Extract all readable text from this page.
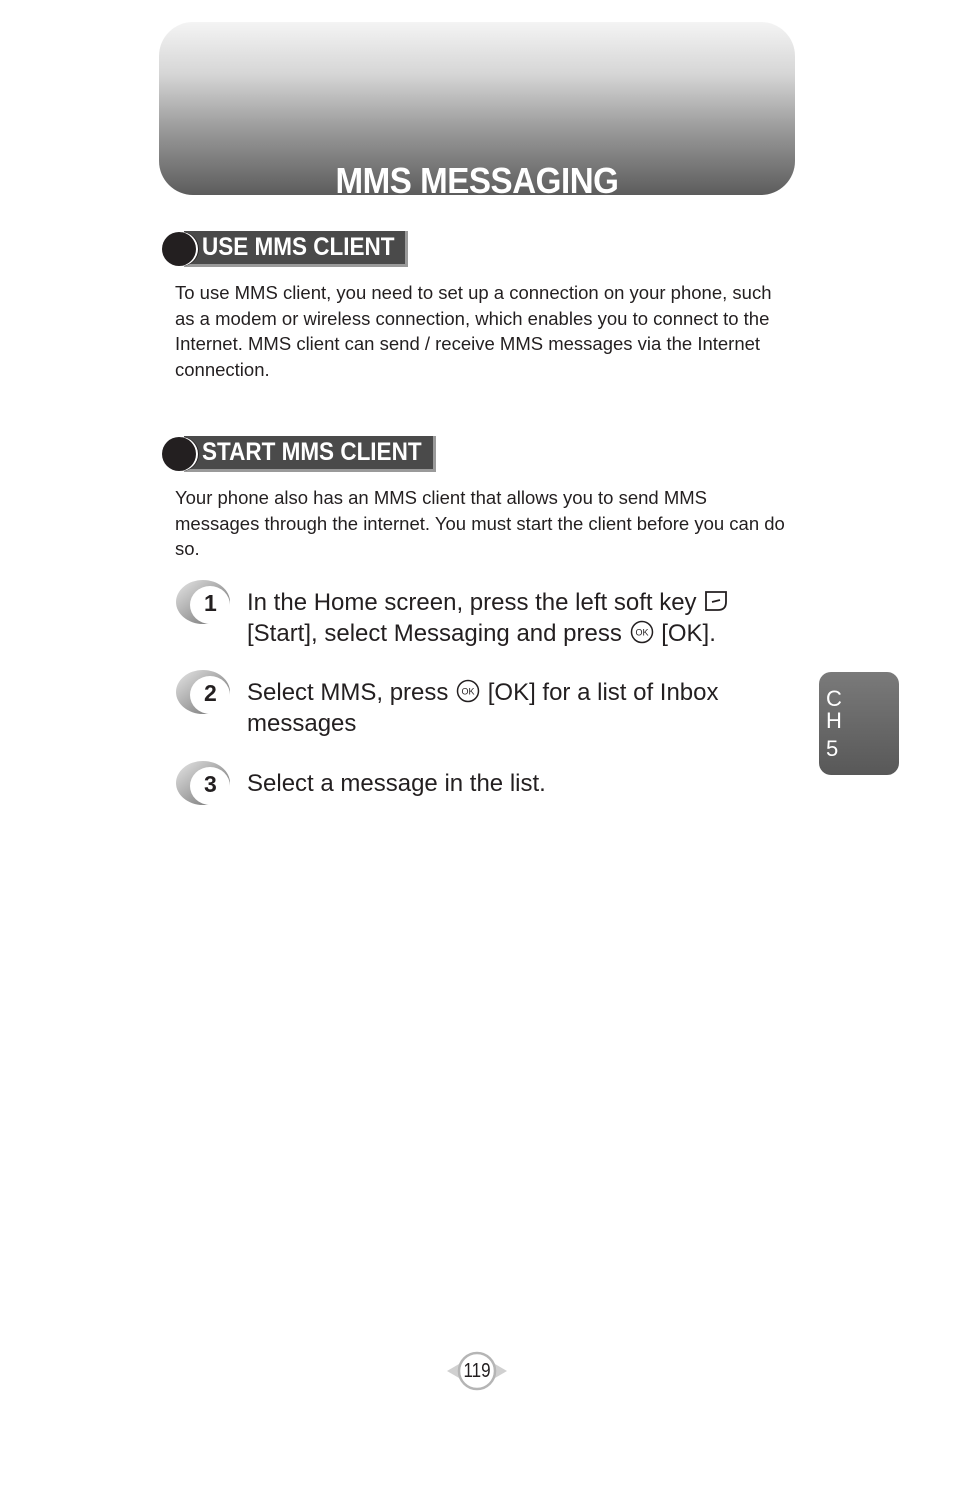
MMS MESSAGING
USE MMS CLIENT
To use MMS client, you need to set up a connection on your phone, such as a modem or wireless connection, which enables you to connect to the Internet. MMS client can send / receive MMS messages via the Internet connection.
START MMS CLIENT
Your phone also has an MMS client that allows you to send MMS messages through the internet. You must start the client before you can do so.
1 In the Home screen, press the left soft key
[Start], select Messaging and press OK [OK].
2 Select MMS, press OK [OK] for a list of Inbox
messages
3 Select a message in the list.
C
H
5
119
